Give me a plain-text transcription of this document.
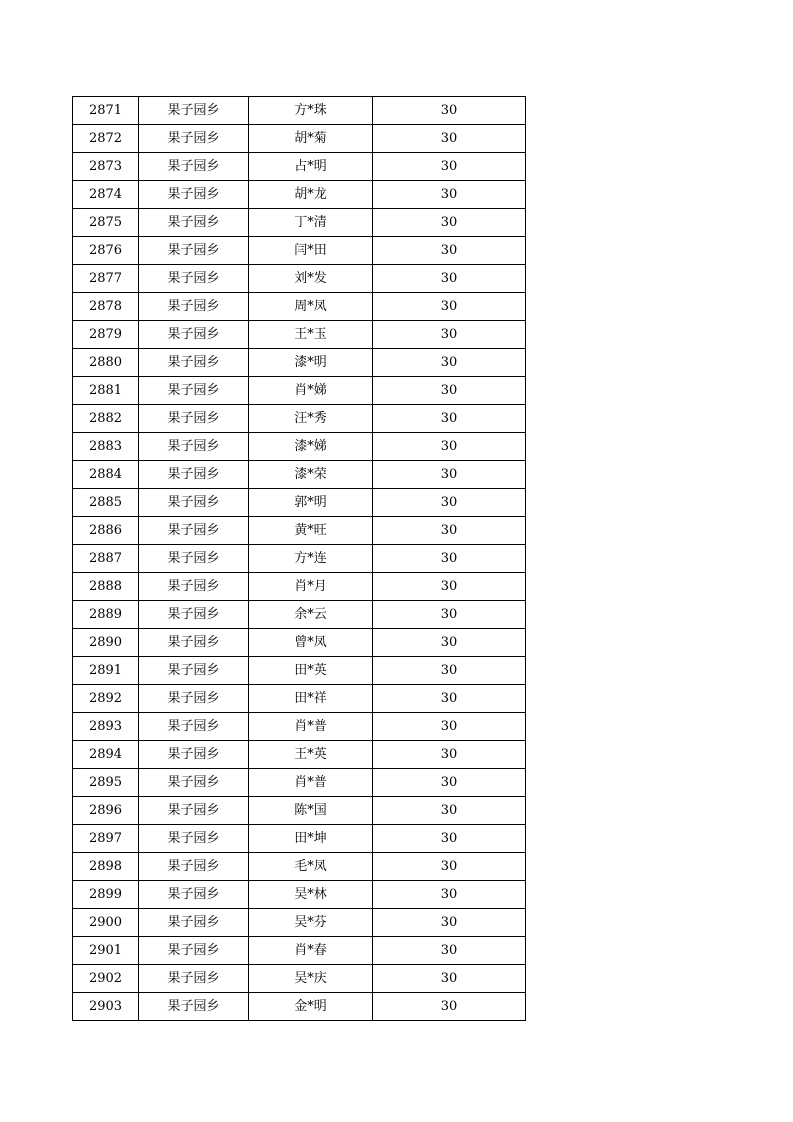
2871	果子园乡	方*珠	30
2872	果子园乡	胡*菊	30
2873	果子园乡	占*明	30
2874	果子园乡	胡*龙	30
2875	果子园乡	丁*清	30
2876	果子园乡	闫*田	30
2877	果子园乡	刘*发	30
2878	果子园乡	周*凤	30
2879	果子园乡	王*玉	30
2880	果子园乡	漆*明	30
2881	果子园乡	肖*娣	30
2882	果子园乡	汪*秀	30
2883	果子园乡	漆*娣	30
2884	果子园乡	漆*荣	30
2885	果子园乡	郭*明	30
2886	果子园乡	黄*旺	30
2887	果子园乡	方*连	30
2888	果子园乡	肖*月	30
2889	果子园乡	余*云	30
2890	果子园乡	曾*凤	30
2891	果子园乡	田*英	30
2892	果子园乡	田*祥	30
2893	果子园乡	肖*普	30
2894	果子园乡	王*英	30
2895	果子园乡	肖*普	30
2896	果子园乡	陈*国	30
2897	果子园乡	田*坤	30
2898	果子园乡	毛*凤	30
2899	果子园乡	吴*林	30
2900	果子园乡	吴*芬	30
2901	果子园乡	肖*春	30
2902	果子园乡	吴*庆	30
2903	果子园乡	金*明	30
